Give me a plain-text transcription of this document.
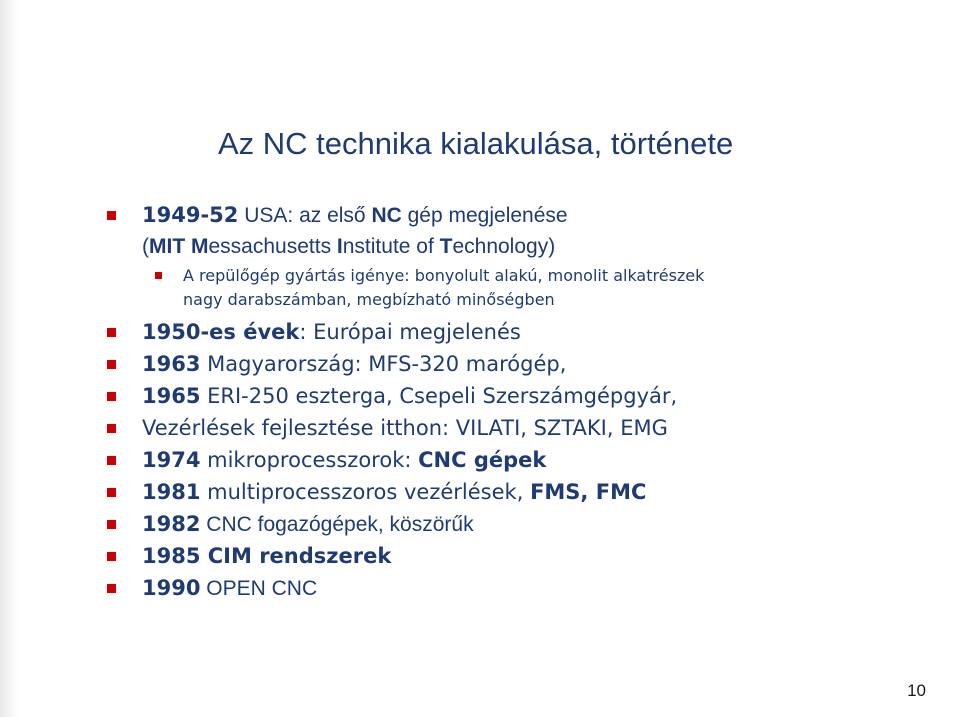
Az NC technika kialakulása, története
1949-52 USA: az első NC gép megjelenése
(MIT Messachusetts Institute of Technology)
A repülőgép gyártás igénye: bonyolult alakú, monolit alkatrészek
nagy darabszámban, megbízható minőségben
1950-es évek: Európai megjelenés
1963 Magyarország: MFS-320 marógép,
1965 ERI-250 eszterga, Csepeli Szerszámgépgyár,
Vezérlések fejlesztése itthon: VILATI, SZTAKI, EMG
1974 mikroprocesszorok: CNC gépek
1981 multiprocesszoros vezérlések, FMS, FMC
1982 CNC fogazógépek, köszörűk
1985 CIM rendszerek
1990 OPEN CNC
10
